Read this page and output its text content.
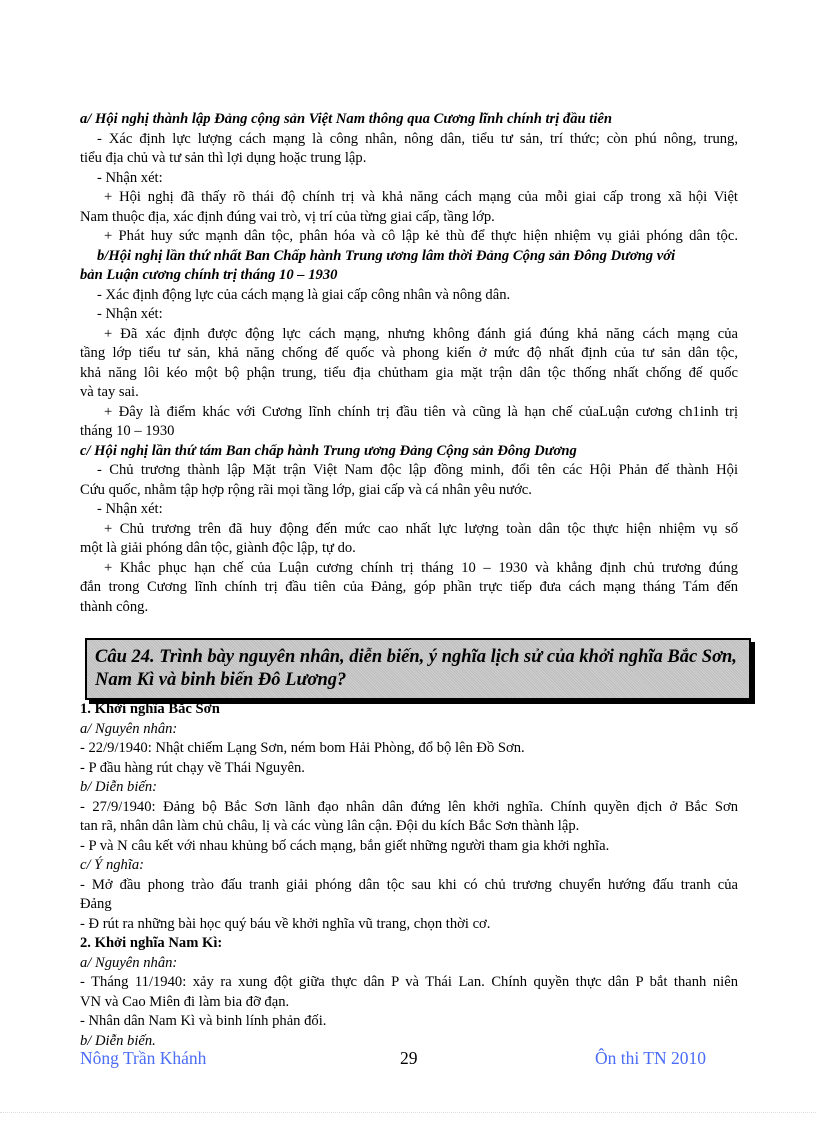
a/ Hội nghị thành lập Đảng cộng sản Việt Nam thông qua Cương lĩnh chính trị đầu tiên
- Xác định lực lượng cách mạng là công nhân, nông dân, tiểu tư sản, trí thức; còn phú nông, trung,
tiểu địa chủ và tư sản thì lợi dụng hoặc trung lập.
- Nhận xét:
+ Hội nghị đã thấy rõ thái độ chính trị và khả năng cách mạng của mỗi giai cấp trong xã hội Việt
Nam thuộc địa, xác định đúng vai trò, vị trí của từng giai cấp, tầng lớp.
+ Phát huy sức mạnh dân tộc, phân hóa và cô lập kẻ thù để thực hiện nhiệm vụ giải phóng dân tộc.
b/Hội nghị lần thứ nhất Ban Chấp hành Trung ương lâm thời Đảng Cộng sản Đông Dương với
bản Luận cương chính trị tháng 10 – 1930
- Xác định động lực của cách mạng là giai cấp công nhân và nông dân.
- Nhận xét:
+ Đã xác định được động lực cách mạng, nhưng không đánh giá đúng khả năng cách mạng của
tầng lớp tiểu tư sản, khả năng chống đế quốc và phong kiến ở mức độ nhất định của tư sản dân tộc,
khả năng lôi kéo một bộ phận trung, tiểu địa chủtham gia mặt trận dân tộc thống nhất chống đế quốc
và tay sai.
+ Đây là điểm khác với Cương lĩnh chính trị đầu tiên và cũng là hạn chế củaLuận cương ch1inh trị
tháng 10 – 1930
c/ Hội nghị lần thứ tám Ban chấp hành Trung ương Đảng Cộng sản Đông Dương
- Chủ trương thành lập Mặt trận Việt Nam độc lập đồng minh, đổi tên các Hội Phản đế thành Hội
Cứu quốc, nhằm tập hợp rộng rãi mọi tầng lớp, giai cấp và cá nhân yêu nước.
- Nhận xét:
+ Chủ trương trên đã huy động đến mức cao nhất lực lượng toàn dân tộc thực hiện nhiệm vụ số
một là giải phóng dân tộc, giành độc lập, tự do.
+ Khắc phục hạn chế của Luận cương chính trị tháng 10 – 1930 và khẳng định chủ trương đúng
đắn trong Cương lĩnh chính trị đầu tiên của Đảng, góp phần trực tiếp đưa cách mạng tháng Tám đến
thành công.
Câu 24. Trình bày nguyên nhân, diễn biến, ý nghĩa lịch sử của khởi nghĩa Bắc Sơn,
Nam Kì và binh biến Đô Lương?
1. Khởi nghĩa Bắc Sơn
a/ Nguyên nhân:
- 22/9/1940: Nhật chiếm Lạng Sơn, ném bom Hải Phòng, đổ bộ lên Đồ Sơn.
- P đầu hàng rút chạy về Thái Nguyên.
b/ Diễn biến:
- 27/9/1940: Đảng bộ Bắc Sơn lãnh đạo nhân dân đứng lên khởi nghĩa. Chính quyền địch ở Bắc Sơn
tan rã, nhân dân làm chủ châu, lị và các vùng lân cận. Đội du kích Bắc Sơn thành lập.
- P và N câu kết với nhau khủng bố cách mạng, bắn giết những người tham gia khởi nghĩa.
c/ Ý nghĩa:
- Mở đầu phong trào đấu tranh giải phóng dân tộc sau khi có chủ trương chuyển hướng đấu tranh của
Đảng
- Đ rút ra những bài học quý báu về khởi nghĩa vũ trang, chọn thời cơ.
2. Khởi nghĩa Nam Kì:
a/ Nguyên nhân:
- Tháng 11/1940: xảy ra xung đột giữa thực dân P và Thái Lan. Chính quyền thực dân P bắt thanh niên
VN và Cao Miên đi làm bia đỡ đạn.
- Nhân dân Nam Kì và binh lính phản đối.
b/ Diễn biến.
Nông Trần Khánh	29	Ôn thi TN 2010
